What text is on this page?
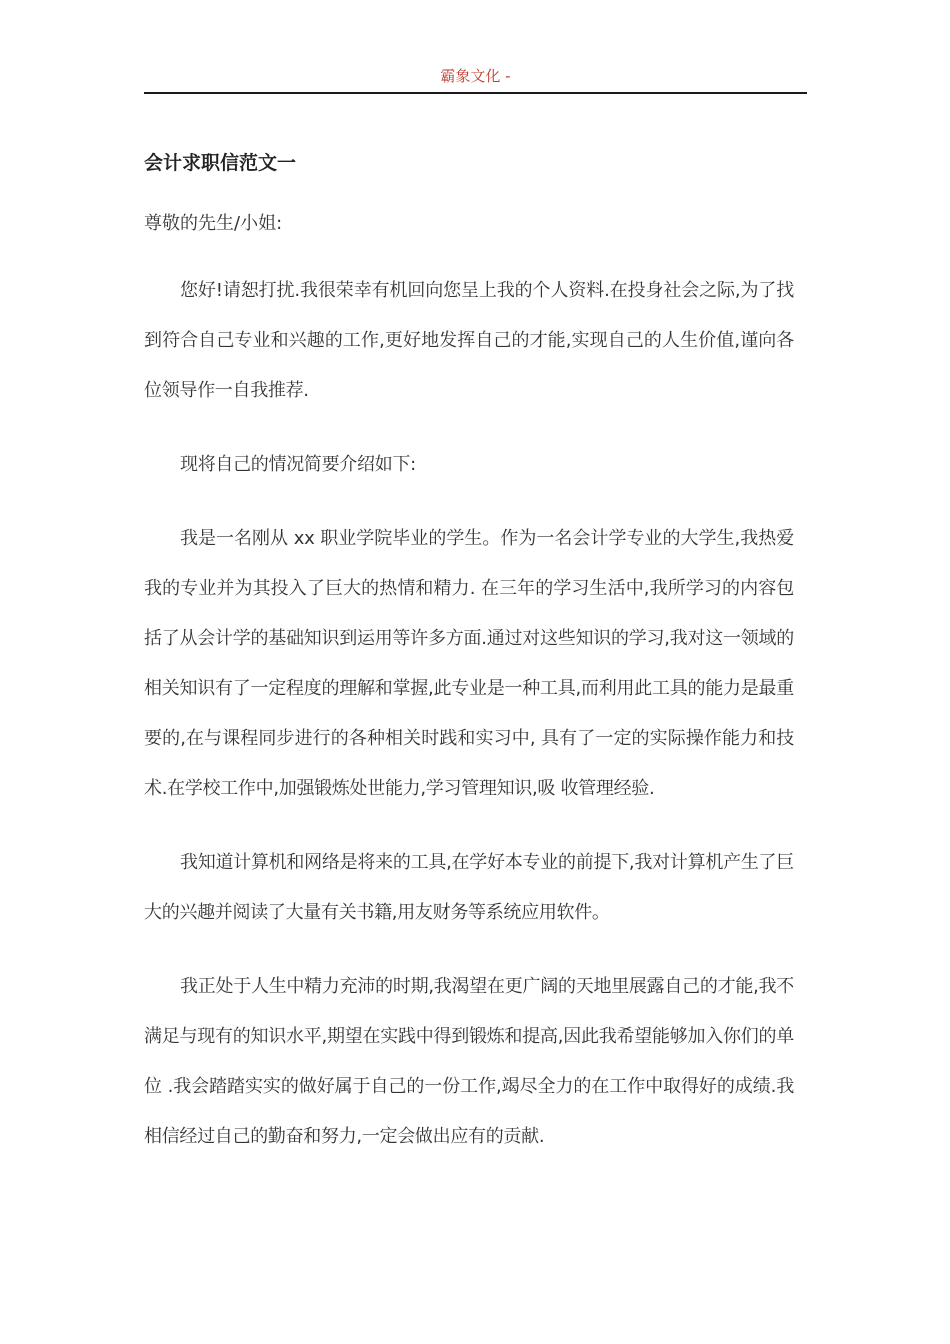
霸象文化 -
会计求职信范文一

尊敬的先生/小姐:

您好!请恕打扰.我很荣幸有机回向您呈上我的个人资料.在投身社会之际,为了找到符合自己专业和兴趣的工作,更好地发挥自己的才能,实现自己的人生价值,谨向各位领导作一自我推荐.

现将自己的情况简要介绍如下:

我是一名刚从 xx 职业学院毕业的学生。作为一名会计学专业的大学生,我热爱我的专业并为其投入了巨大的热情和精力. 在三年的学习生活中,我所学习的内容包括了从会计学的基础知识到运用等许多方面.通过对这些知识的学习,我对这一领域的相关知识有了一定程度的理解和掌握,此专业是一种工具,而利用此工具的能力是最重要的,在与课程同步进行的各种相关时践和实习中, 具有了一定的实际操作能力和技术.在学校工作中,加强锻炼处世能力,学习管理知识,吸 收管理经验.

我知道计算机和网络是将来的工具,在学好本专业的前提下,我对计算机产生了巨大的兴趣并阅读了大量有关书籍,用友财务等系统应用软件。

我正处于人生中精力充沛的时期,我渴望在更广阔的天地里展露自己的才能,我不满足与现有的知识水平,期望在实践中得到锻炼和提高,因此我希望能够加入你们的单位 .我会踏踏实实的做好属于自己的一份工作,竭尽全力的在工作中取得好的成绩.我相信经过自己的勤奋和努力,一定会做出应有的贡献.
